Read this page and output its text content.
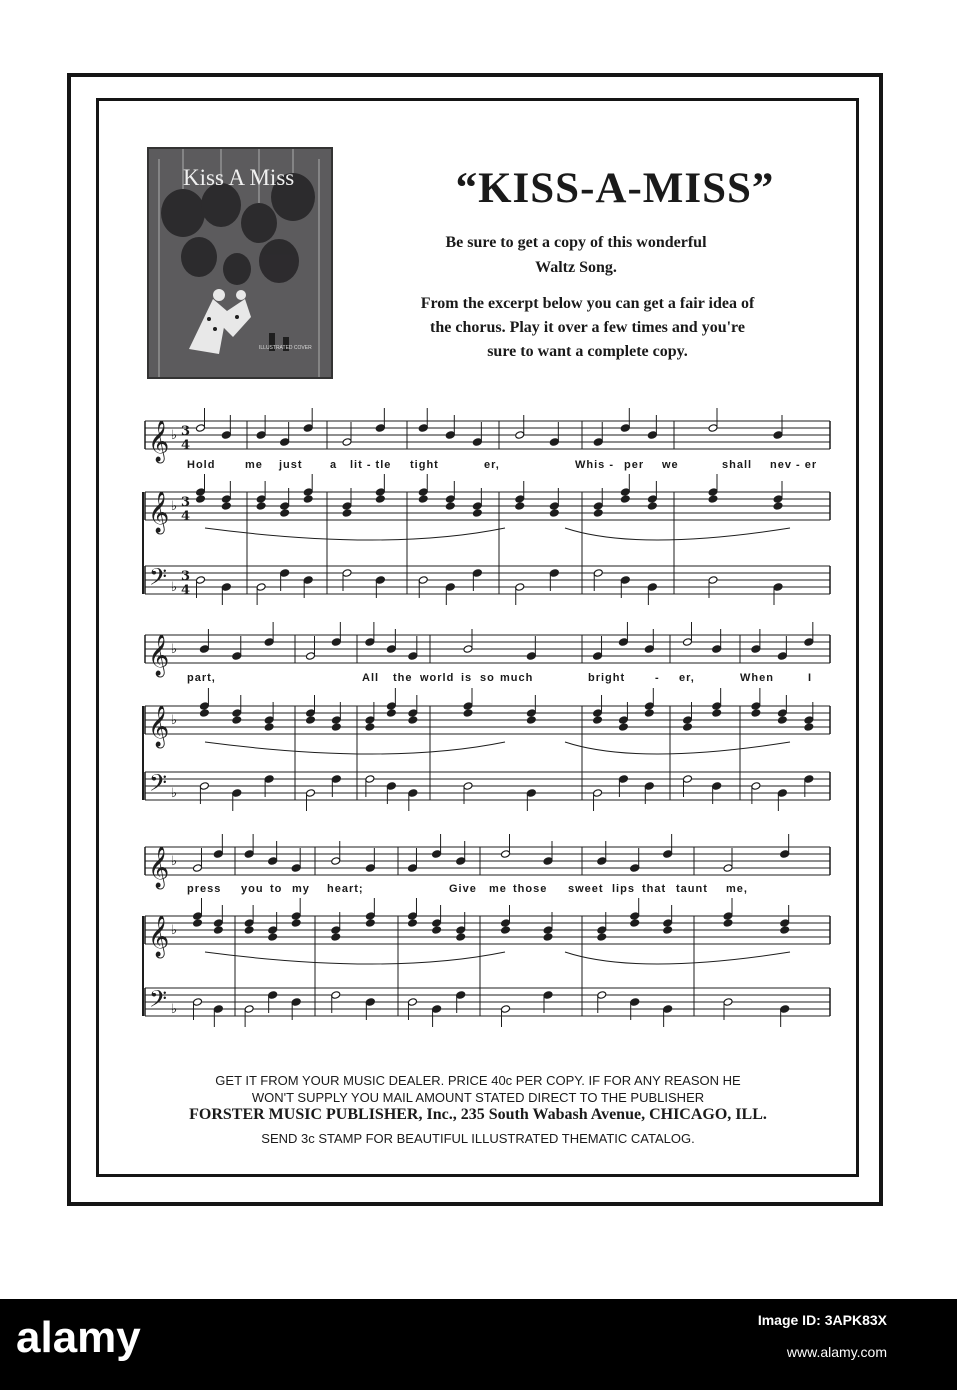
Kiss A Miss
ILLUSTRATED COVER
“KISS-A-MISS”
Be sure to get a copy of this wonderful
Waltz Song.
From the excerpt below you can get a fair idea of
the chorus. Play it over a few times and you're
sure to want a complete copy.
𝄞
𝄞
𝄢
♭
♭
♭
𝄞
𝄞
𝄢
♭
♭
♭
𝄞
𝄞
𝄢
♭
♭
♭
3
4
3
4
3
4
Hold	me just a lit - tle tight	er,	Whis - per we	shall nev - er
part,	All the world is so much	bright	- er,	When	I
press you to my heart;	Give me those sweet lips that taunt me,
GET IT FROM YOUR MUSIC DEALER. PRICE 40c PER COPY. IF FOR ANY REASON HE
WON'T SUPPLY YOU MAIL AMOUNT STATED DIRECT TO THE PUBLISHER
FORSTER MUSIC PUBLISHER, Inc., 235 South Wabash Avenue, CHICAGO, ILL.
SEND 3c STAMP FOR BEAUTIFUL ILLUSTRATED THEMATIC CATALOG.
alamy	Image ID: 3APK83X
www.alamy.com
